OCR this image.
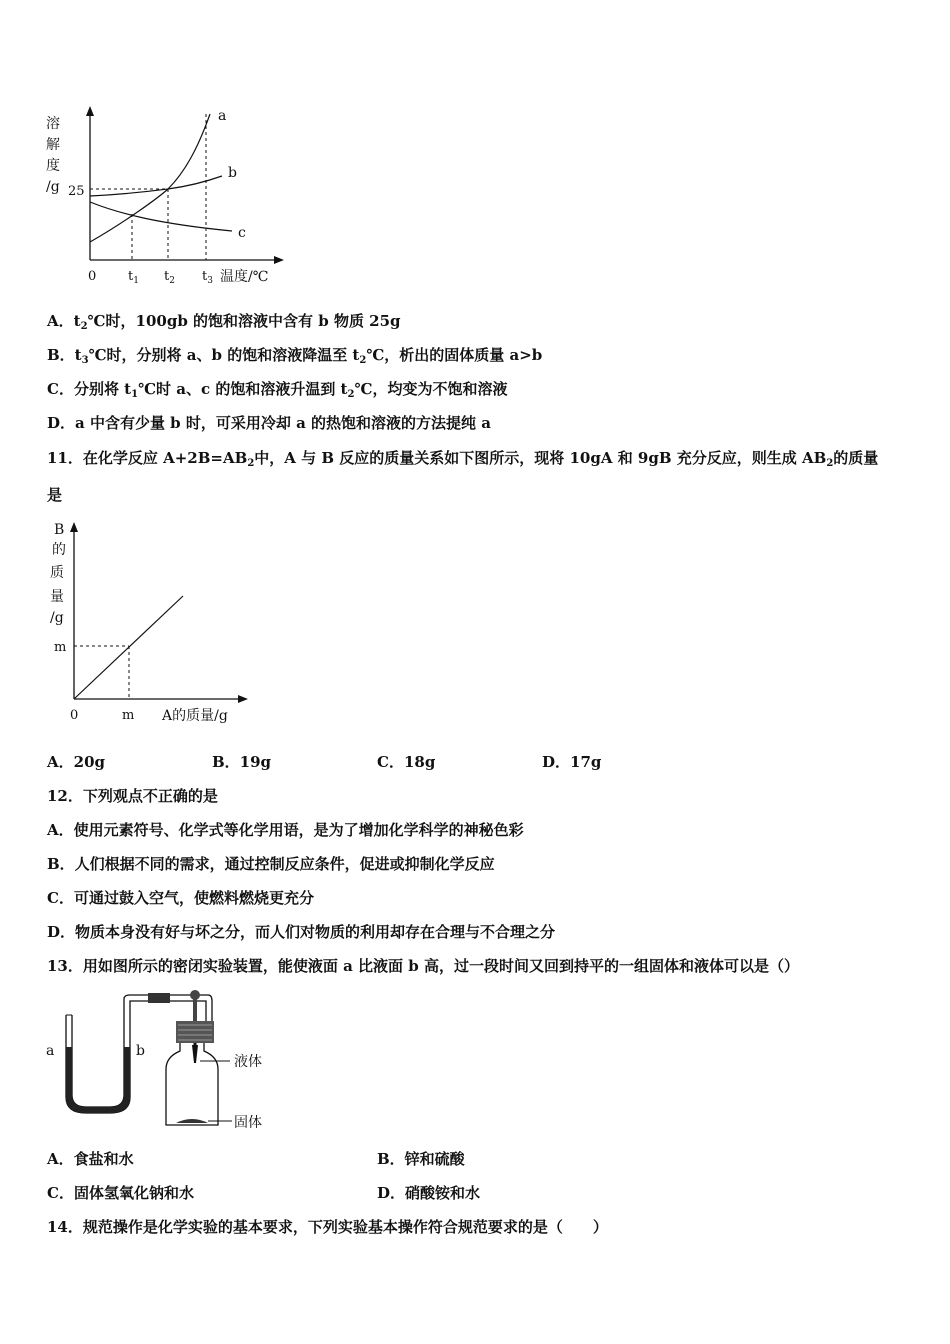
溶
解
度
/g 25
a
b
c
0 $t_1$ $t_2$ $t_3$ 温度/℃
A．$t_2℃$时，100gb 的饱和溶液中含有 b 物质 25g
B．$t_3℃$时，分别将 a、b 的饱和溶液降温至 $t_2℃$，析出的固体质量 a>b
C．分别将 $t_1℃$时 a、c 的饱和溶液升温到 $t_2℃$，均变为不饱和溶液
D．a 中含有少量 b 时，可采用冷却 a 的热饱和溶液的方法提纯 a
11．在化学反应 $A+2B=AB_2$中，A 与 B 反应的质量关系如下图所示，现将 10gA 和 9gB 充分反应，则生成 $AB_2$的质量
是
B
的
质
量
/g
m
0	m A的质量/g
A．20g	B．19g	C．18g	D．17g
12．下列观点不正确的是
A．使用元素符号、化学式等化学用语，是为了增加化学科学的神秘色彩
B．人们根据不同的需求，通过控制反应条件，促进或抑制化学反应
C．可通过鼓入空气，使燃料燃烧更充分
D．物质本身没有好与坏之分，而人们对物质的利用却存在合理与不合理之分
13．用如图所示的密闭实验装置，能使液面 a 比液面 b 高，过一段时间又回到持平的一组固体和液体可以是（）
a	b
液体
固体
A．食盐和水	B．锌和硫酸
C．固体氢氧化钠和水	D．硝酸铵和水
14．规范操作是化学实验的基本要求，下列实验基本操作符合规范要求的是（　　）
